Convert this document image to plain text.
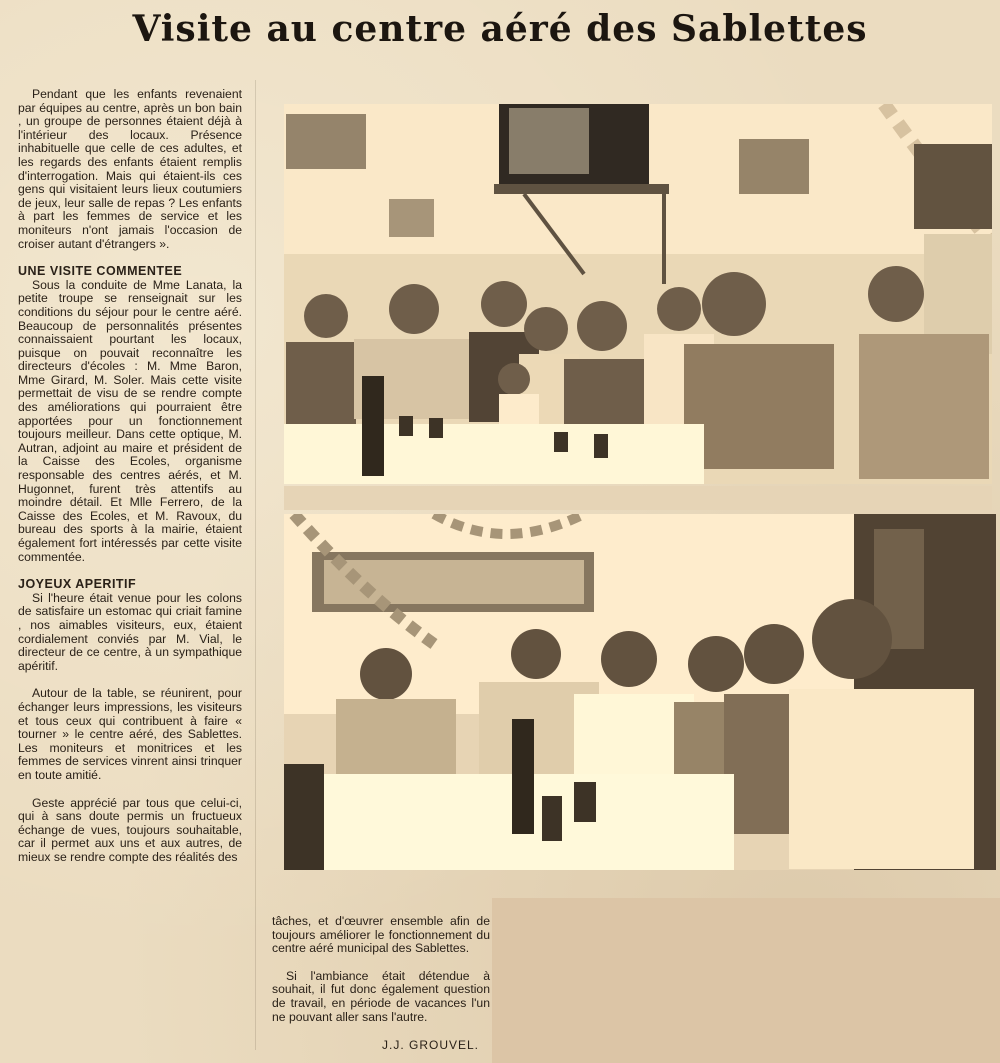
Visite au centre aéré des Sablettes

Pendant que les enfants revenaient par équipes au centre, après un bon bain , un groupe de personnes étaient déjà à l'intérieur des locaux. Présence inhabituelle que celle de ces adultes, et les regards des enfants étaient remplis d'interrogation. Mais qui étaient-ils ces gens qui visitaient leurs lieux coutumiers de jeux, leur salle de repas ? Les enfants à part les femmes de service et les moniteurs n'ont jamais l'occasion de croiser autant d'étrangers ».

UNE VISITE COMMENTEE

Sous la conduite de Mme Lanata, la petite troupe se renseignait sur les conditions du séjour pour le centre aéré. Beaucoup de personnalités présentes connaissaient pourtant les locaux, puisque on pouvait reconnaître les directeurs d'écoles : M. Mme Baron, Mme Girard, M. Soler. Mais cette visite permettait de visu de se rendre compte des améliorations qui pourraient être apportées pour un fonctionnement toujours meilleur. Dans cette optique, M. Autran, adjoint au maire et président de la Caisse des Ecoles, organisme responsable des centres aérés, et M. Hugonnet, furent très attentifs au moindre détail. Et Mlle Ferrero, de la Caisse des Ecoles, et M. Ravoux, du bureau des sports à la mairie, étaient également fort intéressés par cette visite commentée.

JOYEUX APERITIF

Si l'heure était venue pour les colons de satisfaire un estomac qui criait famine , nos aimables visiteurs, eux, étaient cordialement conviés par M. Vial, le directeur de ce centre, à un sympathique apéritif.

Autour de la table, se réunirent, pour échanger leurs impressions, les visiteurs et tous ceux qui contribuent à faire « tourner » le centre aéré, des Sablettes. Les moniteurs et monitrices et les femmes de services vinrent ainsi trinquer en toute amitié.

Geste apprécié par tous que celui-ci, qui à sans doute permis un fructueux échange de vues, toujours souhaitable, car il permet aux uns et aux autres, de mieux se rendre compte des réalités des

tâches, et d'œuvrer ensemble afin de toujours améliorer le fonctionnement du centre aéré municipal des Sablettes.

Si l'ambiance était détendue à souhait, il fut donc également question de travail, en période de vacances l'un ne pouvant aller sans l'autre.

J.J. GROUVEL.
